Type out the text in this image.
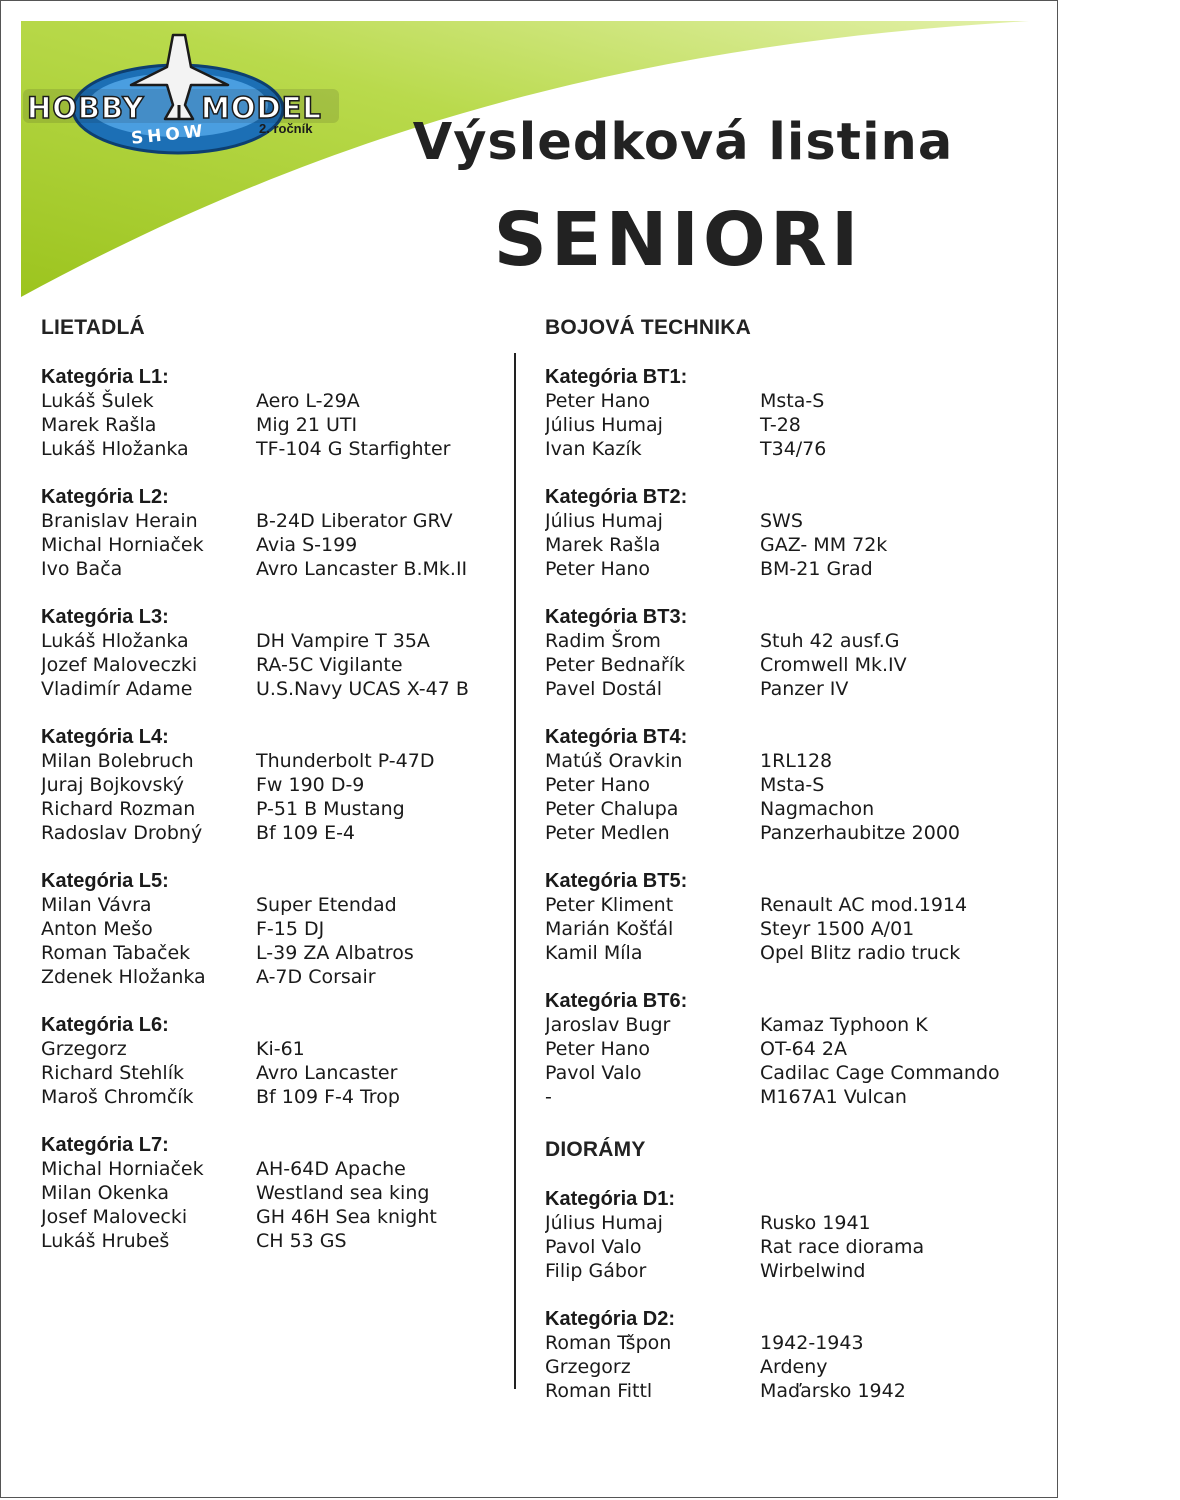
HOBBY MODEL
SHOW	2. ročník	Výsledková listina
SENIORI
LIETADLÁ
Kategória L1:
Lukáš Šulek	Aero L-29A
Marek Rašla	Mig 21 UTI
Lukáš Hložanka	TF-104 G Starfighter
Kategória L2:
Branislav Herain	B-24D Liberator GRV
Michal Horniaček	Avia S-199
Ivo Bača	Avro Lancaster B.Mk.II
Kategória L3:
Lukáš Hložanka	DH Vampire T 35A
Jozef Maloveczki	RA-5C Vigilante
Vladimír Adame	U.S.Navy UCAS X-47 B
Kategória L4:
Milan Bolebruch	Thunderbolt P-47D
Juraj Bojkovský	Fw 190 D-9
Richard Rozman	P-51 B Mustang
Radoslav Drobný	Bf 109 E-4
Kategória L5:
Milan Vávra	Super Etendad
Anton Mešo	F-15 DJ
Roman Tabaček	L-39 ZA Albatros
Zdenek Hložanka	A-7D Corsair
Kategória L6:
Grzegorz	Ki-61
Richard Stehlík	Avro Lancaster
Maroš Chromčík	Bf 109 F-4 Trop
Kategória L7:
Michal Horniaček	AH-64D Apache
Milan Okenka	Westland sea king
Josef Malovecki	GH 46H Sea knight
Lukáš Hrubeš	CH 53 GS
BOJOVÁ TECHNIKA
Kategória BT1:
Peter Hano	Msta-S
Július Humaj	T-28
Ivan Kazík	T34/76
Kategória BT2:
Július Humaj	SWS
Marek Rašla	GAZ- MM 72k
Peter Hano	BM-21 Grad
Kategória BT3:
Radim Šrom	Stuh 42 ausf.G
Peter Bednařík	Cromwell Mk.IV
Pavel Dostál	Panzer IV
Kategória BT4:
Matúš Oravkin	1RL128
Peter Hano	Msta-S
Peter Chalupa	Nagmachon
Peter Medlen	Panzerhaubitze 2000
Kategória BT5:
Peter Kliment	Renault AC mod.1914
Marián Košťál	Steyr 1500 A/01
Kamil Míla	Opel Blitz radio truck
Kategória BT6:
Jaroslav Bugr	Kamaz Typhoon K
Peter Hano	OT-64 2A
Pavol Valo	Cadilac Cage Commando
-	M167A1 Vulcan
DIORÁMY
Kategória D1:
Július Humaj	Rusko 1941
Pavol Valo	Rat race diorama
Filip Gábor	Wirbelwind
Kategória D2:
Roman Tšpon	1942-1943
Grzegorz	Ardeny
Roman Fittl	Maďarsko 1942
